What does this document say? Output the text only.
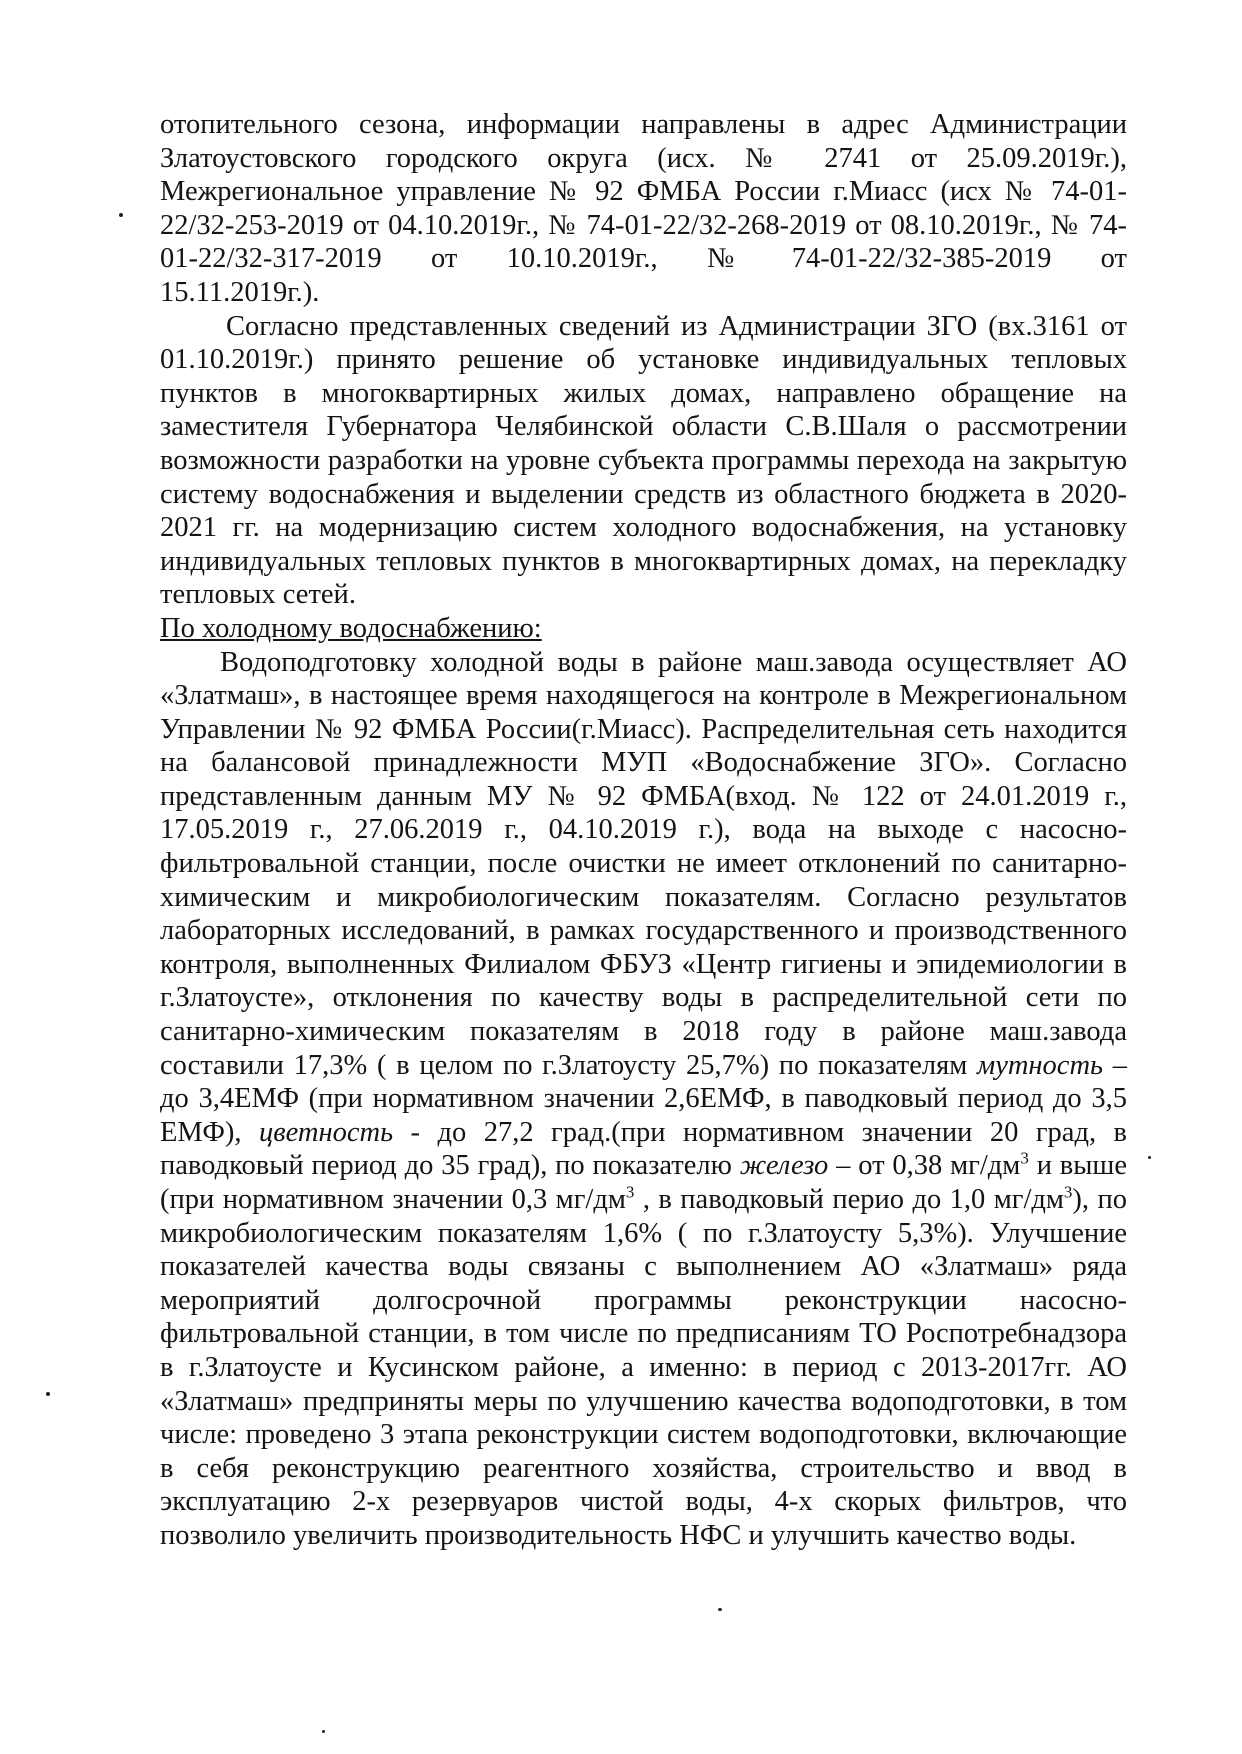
отопительного сезона, информации направлены в адрес Администрации Златоустовского городского округа (исх. № 2741 от 25.09.2019г.), Межрегиональное управление № 92 ФМБА России г.Миасс (исх № 74-01- 22/32-253-2019 от 04.10.2019г., № 74-01-22/32-268-2019 от 08.10.2019г., № 74-01-22/32-317-2019 от 10.10.2019г., № 74-01-22/32-385-2019 от 15.11.2019г.).

Согласно представленных сведений из Администрации ЗГО (вх.3161 от 01.10.2019г.) принято решение об установке индивидуальных тепловых пунктов в многоквартирных жилых домах, направлено обращение на заместителя Губернатора Челябинской области С.В.Шаля о рассмотрении возможности разработки на уровне субъекта программы перехода на закрытую систему водоснабжения и выделении средств из областного бюджета в 2020-2021 гг. на модернизацию систем холодного водоснабжения, на установку индивидуальных тепловых пунктов в многоквартирных домах, на перекладку тепловых сетей.

По холодному водоснабжению:

Водоподготовку холодной воды в районе маш.завода осуществляет АО «Златмаш», в настоящее время находящегося на контроле в Межрегиональном Управлении № 92 ФМБА России(г.Миасс). Распределительная сеть находится на балансовой принадлежности МУП «Водоснабжение ЗГО». Согласно представленным данным МУ № 92 ФМБА(вход. № 122 от 24.01.2019 г., 17.05.2019 г., 27.06.2019 г., 04.10.2019 г.), вода на выходе с насосно-фильтровальной станции, после очистки не имеет отклонений по санитарно-химическим и микробиологическим показателям. Согласно результатов лабораторных исследований, в рамках государственного и производственного контроля, выполненных Филиалом ФБУЗ «Центр гигиены и эпидемиологии в г.Златоусте», отклонения по качеству воды в распределительной сети по санитарно-химическим показателям в 2018 году в районе маш.завода составили 17,3% ( в целом по г.Златоусту 25,7%) по показателям мутность – до 3,4ЕМФ (при нормативном значении 2,6ЕМФ, в паводковый период до 3,5 ЕМФ), цветность - до 27,2 град.(при нормативном значении 20 град, в паводковый период до 35 град), по показателю железо – от 0,38 $мг/дм^3$ и выше (при нормативном значении 0,3 $мг/дм^3$ , в паводковый перио до 1,0 $мг/дм^3$), по микробиологическим показателям 1,6% ( по г.Златоусту 5,3%). Улучшение показателей качества воды связаны с выполнением АО «Златмаш» ряда мероприятий долгосрочной программы реконструкции насосно-фильтровальной станции, в том числе по предписаниям ТО Роспотребнадзора в г.Златоусте и Кусинском районе, а именно: в период с 2013-2017гг. АО «Златмаш» предприняты меры по улучшению качества водоподготовки, в том числе: проведено 3 этапа реконструкции систем водоподготовки, включающие в себя реконструкцию реагентного хозяйства, строительство и ввод в эксплуатацию 2-х резервуаров чистой воды, 4-х скорых фильтров, что позволило увеличить производительность НФС и улучшить качество воды.
